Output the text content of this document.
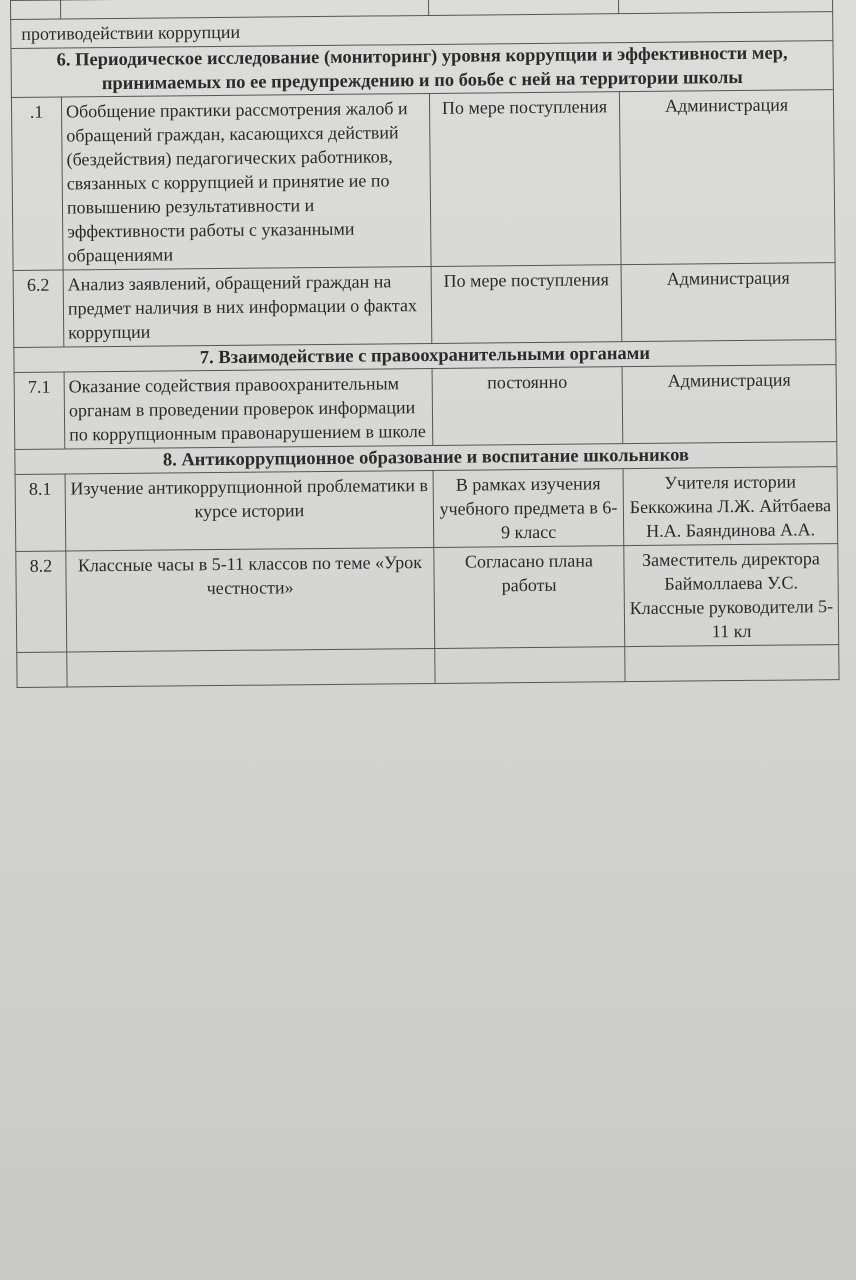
противодействии коррупции			
6. Периодическое исследование (мониторинг) уровня коррупции и эффективности мер, принимаемых по ее предупреждению и по боьбе с ней на территории школы			
.1	Обобщение практики рассмотрения жалоб и обращений граждан, касающихся действий (бездействия) педагогических работников, связанных с коррупцией и принятие ие по повышению результативности и эффективности работы с указанными обращениями	По мере поступления	Администрация
6.2	Анализ заявлений, обращений граждан на предмет наличия в них информации о фактах коррупции	По мере поступления	Администрация
7. Взаимодействие с правоохранительными органами			
7.1	Оказание содействия правоохранительным органам в проведении проверок информации по коррупционным правонарушением в школе	постоянно	Администрация
8. Антикоррупционное образование и воспитание школьников			
8.1	Изучение антикоррупционной проблематики в курсе истории	В рамках изучения учебного предмета в 6-9 класс	Учителя истории Беккожина Л.Ж. Айтбаева Н.А. Баяндинова А.А.
8.2	Классные часы в 5-11 классов по теме «Урок честности»	Согласано плана работы	Заместитель директора Баймоллаева У.С. Классные руководители 5-11 кл
